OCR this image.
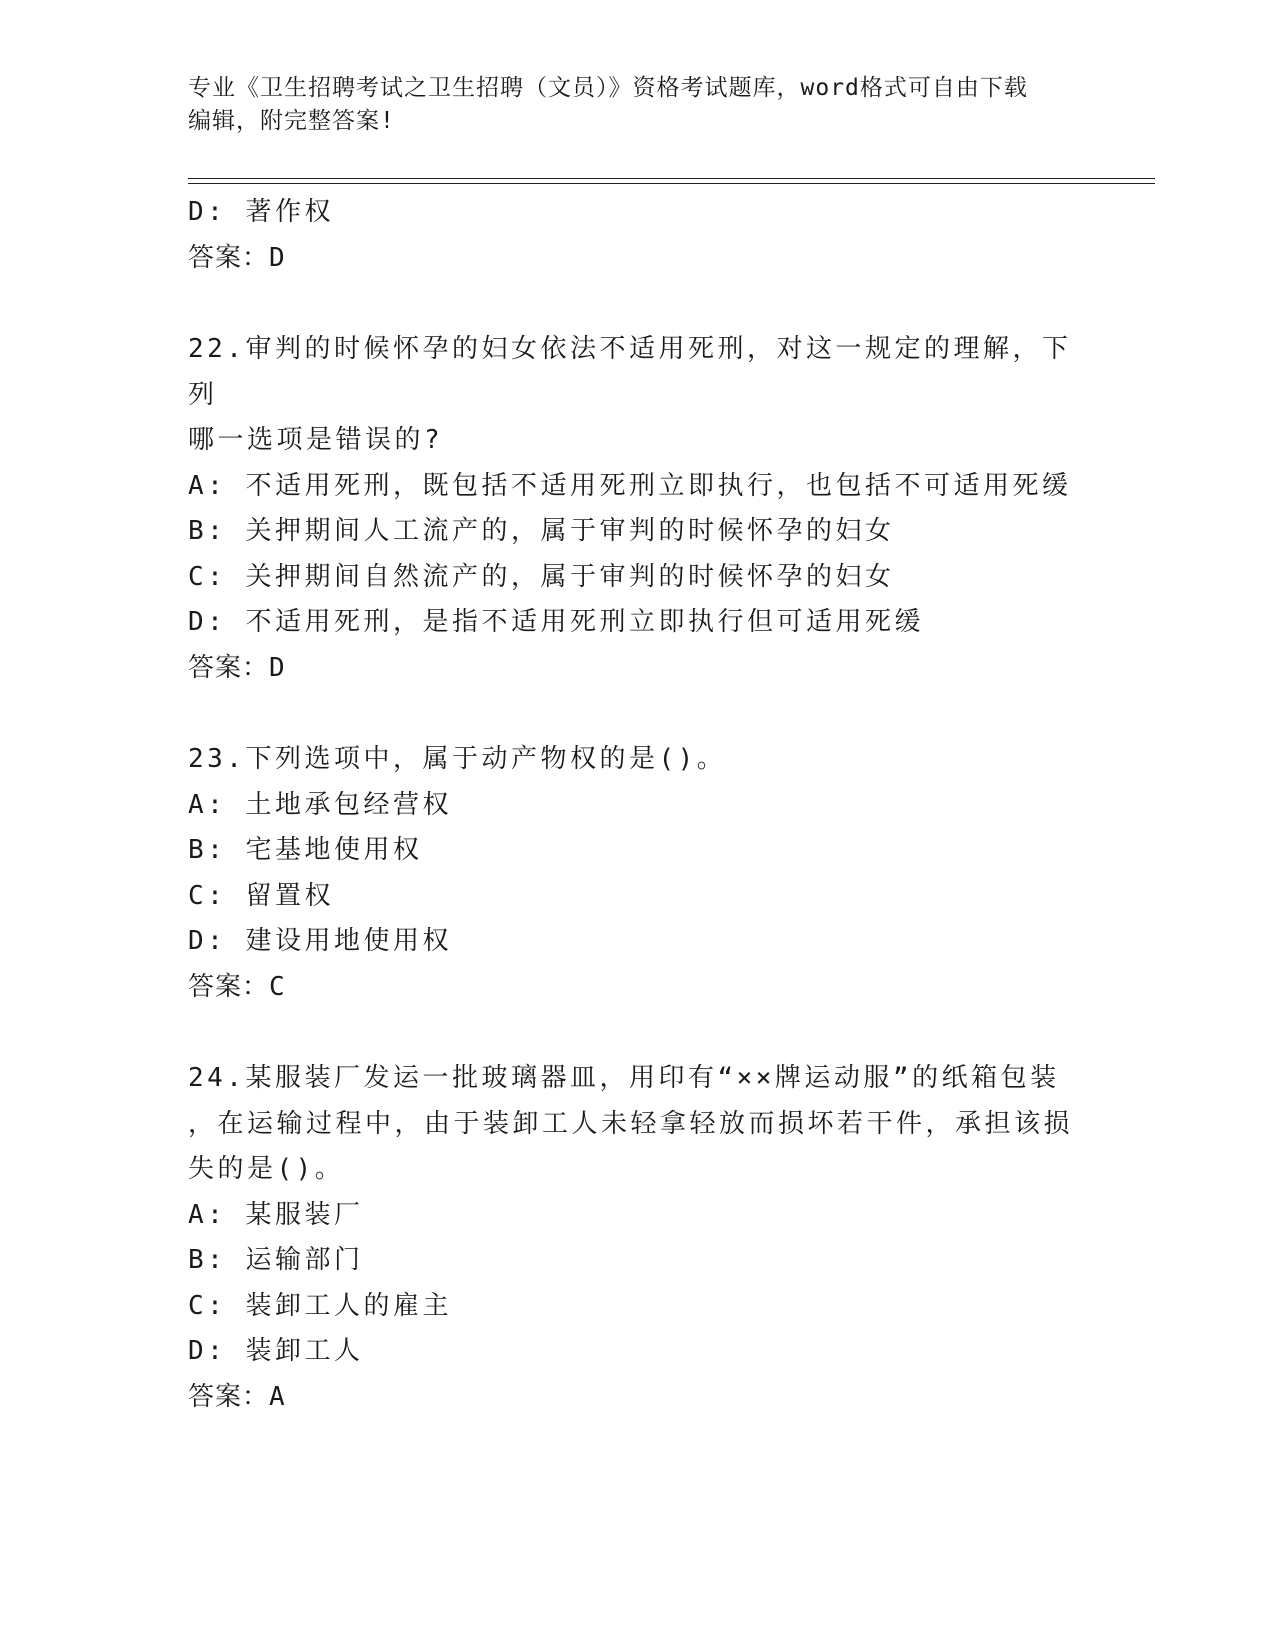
专业《卫生招聘考试之卫生招聘（文员）》资格考试题库，word格式可自由下载
编辑，附完整答案!
D: 著作权
答案：D
22.审判的时候怀孕的妇女依法不适用死刑，对这一规定的理解，下列
哪一选项是错误的?
A: 不适用死刑，既包括不适用死刑立即执行，也包括不可适用死缓
B: 关押期间人工流产的，属于审判的时候怀孕的妇女
C: 关押期间自然流产的，属于审判的时候怀孕的妇女
D: 不适用死刑，是指不适用死刑立即执行但可适用死缓
答案：D
23.下列选项中，属于动产物权的是()。
A: 土地承包经营权
B: 宅基地使用权
C: 留置权
D: 建设用地使用权
答案：C
24.某服装厂发运一批玻璃器皿，用印有“××牌运动服”的纸箱包装
，在运输过程中，由于装卸工人未轻拿轻放而损坏若干件，承担该损
失的是()。
A: 某服装厂
B: 运输部门
C: 装卸工人的雇主
D: 装卸工人
答案：A
